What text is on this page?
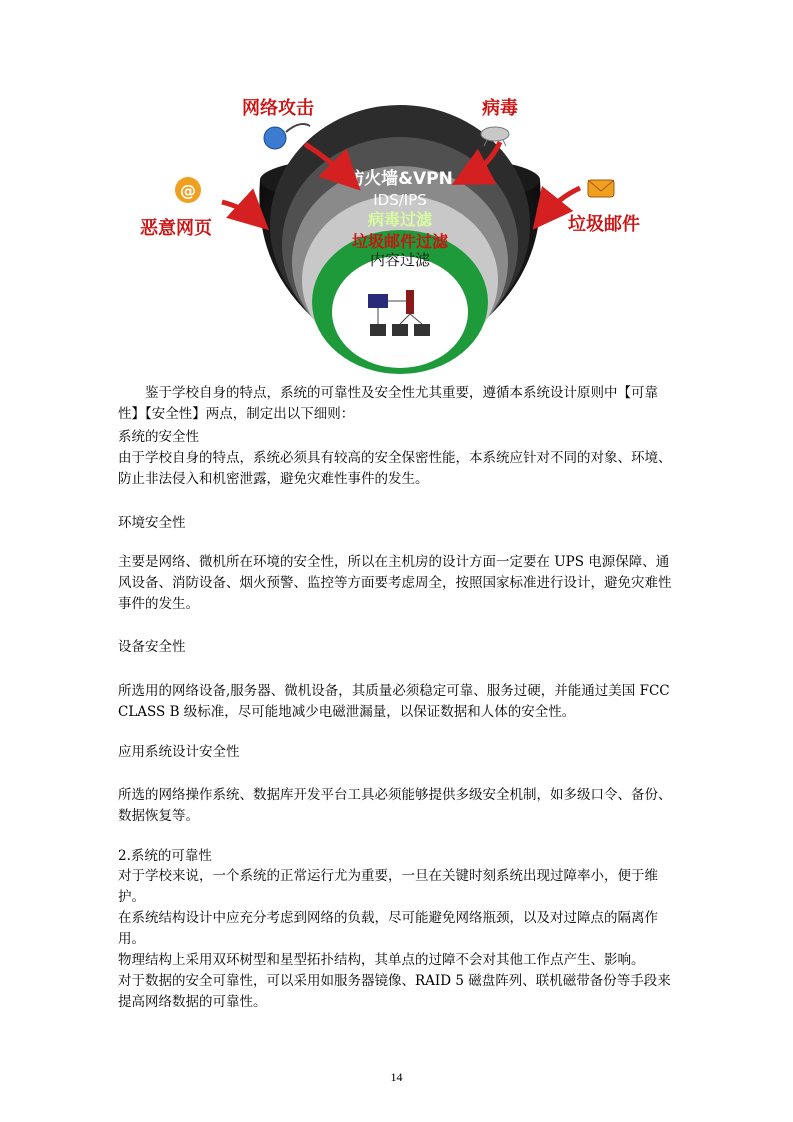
防火墙&VPN
IDS/IPS
病毒过滤
垃圾邮件过滤
内容过滤
client quarantina
网络攻击	病毒
@
恶意网页	垃圾邮件

鉴于学校自身的特点，系统的可靠性及安全性尤其重要，遵循本系统设计原则中【可靠性】【安全性】两点，制定出以下细则：

系统的安全性

由于学校自身的特点，系统必须具有较高的安全保密性能，本系统应针对不同的对象、环境、防止非法侵入和机密泄露，避免灾难性事件的发生。

环境安全性

主要是网络、微机所在环境的安全性，所以在主机房的设计方面一定要在 UPS 电源保障、通风设备、消防设备、烟火预警、监控等方面要考虑周全，按照国家标准进行设计，避免灾难性事件的发生。

设备安全性

所选用的网络设备,服务器、微机设备，其质量必须稳定可靠、服务过硬，并能通过美国 FCC CLASS B 级标准，尽可能地减少电磁泄漏量，以保证数据和人体的安全性。

应用系统设计安全性

所选的网络操作系统、数据库开发平台工具必须能够提供多级安全机制，如多级口令、备份、数据恢复等。

2.系统的可靠性

对于学校来说，一个系统的正常运行尤为重要，一旦在关键时刻系统出现过障率小，便于维护。

在系统结构设计中应充分考虑到网络的负载，尽可能避免网络瓶颈，以及对过障点的隔离作用。

物理结构上采用双环树型和星型拓扑结构，其单点的过障不会对其他工作点产生、影响。

对于数据的安全可靠性，可以采用如服务器镜像、RAID 5 磁盘阵列、联机磁带备份等手段来提高网络数据的可靠性。

14
